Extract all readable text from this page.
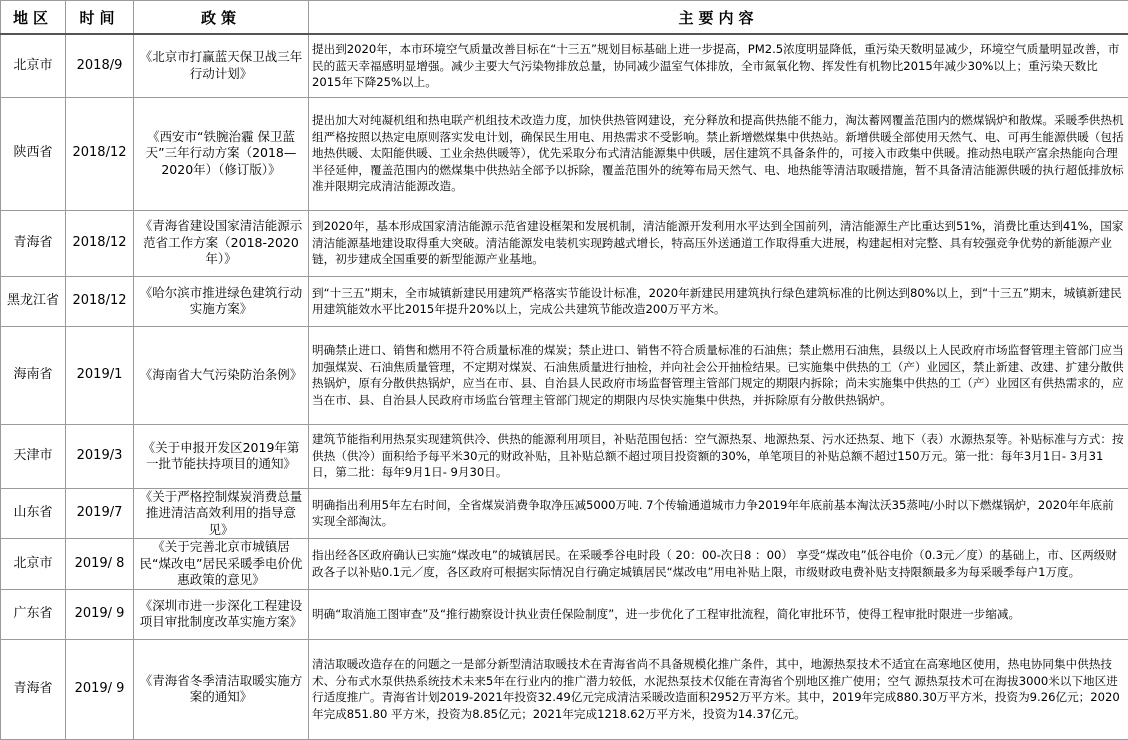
地区	时间	政策	主要内容
北京市	2018/9	《北京市打赢蓝天保卫战三年行动计划》	提出到2020年，本市环境空气质量改善目标在“十三五”规划目标基础上进一步提高，PM2.5浓度明显降低，重污染天数明显减少，环境空气质量明显改善，市民的蓝天幸福感明显增强。减少主要大气污染物排放总量，协同减少温室气体排放，全市氮氧化物、挥发性有机物比2015年减少30%以上；重污染天数比2015年下降25%以上。
陕西省	2018/12	《西安市“铁腕治霾 保卫蓝天”三年行动方案（2018—2020年）（修订版）》	提出加大对纯凝机组和热电联产机组技术改造力度，加快供热管网建设，充分释放和提高供热能不能力，淘汰蓄网覆盖范围内的燃煤锅炉和散煤。采暖季供热机组严格按照以热定电原则落实发电计划，确保民生用电、用热需求不受影响。禁止新增燃煤集中供热站。新增供暖全部使用天然气、电、可再生能源供暖（包括地热供暖、太阳能供暖、工业余热供暖等），优先采取分布式清洁能源集中供暖，居住建筑不具备条件的，可接入市政集中供暖。推动热电联产富余热能向合理半径延伸，覆盖范围内的燃煤集中供热站全部予以拆除，覆盖范围外的统筹布局天然气、电、地热能等清洁取暖措施，暂不具备清洁能源供暖的执行超低排放标准并限期完成清洁能源改造。
青海省	2018/12	《青海省建设国家清洁能源示范省工作方案（2018-2020年）》	到2020年，基本形成国家清洁能源示范省建设框架和发展机制，清洁能源开发利用水平达到全国前列，清洁能源生产比重达到51%，消费比重达到41%，国家清洁能源基地建设取得重大突破。清洁能源发电装机实现跨越式增长，特高压外送通道工作取得重大进展，构建起相对完整、具有较强竞争优势的新能源产业链，初步建成全国重要的新型能源产业基地。
黑龙江省	2018/12	《哈尔滨市推进绿色建筑行动实施方案》	到“十三五”期末，全市城镇新建民用建筑严格落实节能设计标准，2020年新建民用建筑执行绿色建筑标准的比例达到80%以上，到“十三五”期末，城镇新建民用建筑能效水平比2015年提升20%以上，完成公共建筑节能改造200万平方米。
海南省	2019/1	《海南省大气污染防治条例》	明确禁止进口、销售和燃用不符合质量标准的煤炭；禁止进口、销售不符合质量标准的石油焦；禁止燃用石油焦，县级以上人民政府市场监督管理主管部门应当加强煤炭、石油焦质量管理，不定期对煤炭、石油焦质量进行抽检，并向社会公开抽检结果。已实施集中供热的工（产）业园区，禁止新建、改建、扩建分散供热锅炉，原有分散供热锅炉，应当在市、县、自治县人民政府市场监督管理主管部门规定的期限内拆除；尚未实施集中供热的工（产）业园区有供热需求的，应当在市、县、自治县人民政府市场监台管理主管部门规定的期限内尽快实施集中供热，并拆除原有分散供热锅炉。
天津市	2019/3	《关于申报开发区2019年第一批节能扶持项目的通知》	建筑节能指利用热泵实现建筑供冷、供热的能源利用项目，补贴范围包括：空气源热泵、地源热泵、污水还热泵、地下（表）水源热泵等。补贴标准与方式：按供热（供冷）面积给予每平米30元的财政补贴，且补贴总额不超过项目投资额的30%，单笔项目的补贴总额不超过150万元。第一批：每年3月1日- 3月31日，第二批：每年9月1日- 9月30日。
山东省	2019/7	《关于严格控制煤炭消费总量推进清洁高效利用的指导意见》	明确指出利用5年左右时间，全省煤炭消费争取净压减5000万吨. 7个传输通道城市力争2019年年底前基本淘汰沃35蒸吨/小时以下燃煤锅炉，2020年年底前实现全部淘汰。
北京市	2019/ 8	《关于完善北京市城镇居民“煤改电”居民采暖季电价优惠政策的意见》	指出经各区政府确认已实施“煤改电”的城镇居民。在采暖季谷电时段（ 20：00-次日8 ：00） 享受“煤改电”低谷电价（0.3元／度）的基础上，市、区两级财政各子以补贴0.1元／度，各区政府可根据实际情况自行确定城镇居民“煤改电”用电补贴上限，市级财政电费补贴支持限额最多为每采暖季每户1万度。
广东省	2019/ 9	《深圳市进一步深化工程建设项目审批制度改革实施方案》	明确“取消施工图审查”及“推行勘察设计执业责任保险制度”，进一步优化了工程审批流程，简化审批环节，使得工程审批时限进一步缩减。
青海省	2019/ 9	《青海省冬季清洁取暖实施方案的通知》	清洁取暖改造存在的问题之一是部分新型清洁取暖技术在青海省尚不具备规模化推广条件，其中，地源热泵技术不适宜在高寒地区使用，热电协同集中供热技术、分布式水泵供热系统技术未来5年在行业内的推广潜力较低，水泥热泵技术仅能在青海省个别地区推广使用；空气 源热泵技术可在海拔3000米以下地区进行适度推广。青海省计划2019-2021年投资32.49亿元完成清洁采暖改造面积2952万平方米。其中，2019年完成880.30万平方米，投资为9.26亿元；2020年完成851.80 平方米，投资为8.85亿元；2021年完成1218.62万平方米，投资为14.37亿元。
